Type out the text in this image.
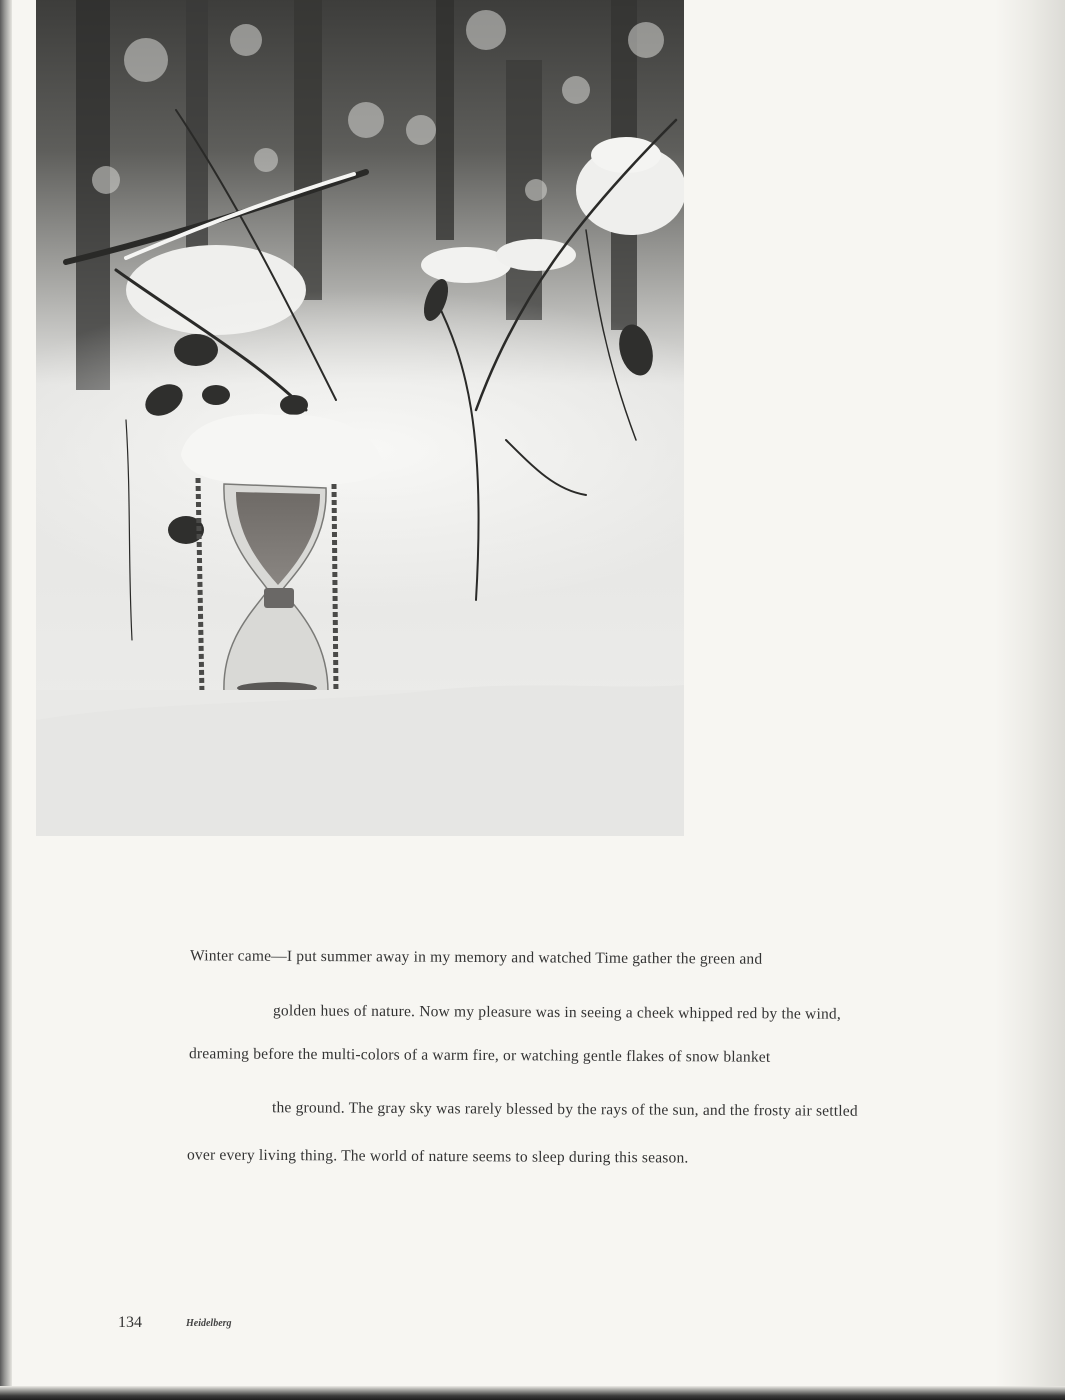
Winter came—I put summer away in my memory and watched Time gather the green and

golden hues of nature. Now my pleasure was in seeing a cheek whipped red by the wind,

dreaming before the multi-colors of a warm fire, or watching gentle flakes of snow blanket

the ground. The gray sky was rarely blessed by the rays of the sun, and the frosty air settled

over every living thing. The world of nature seems to sleep during this season.

134	Heidelberg
